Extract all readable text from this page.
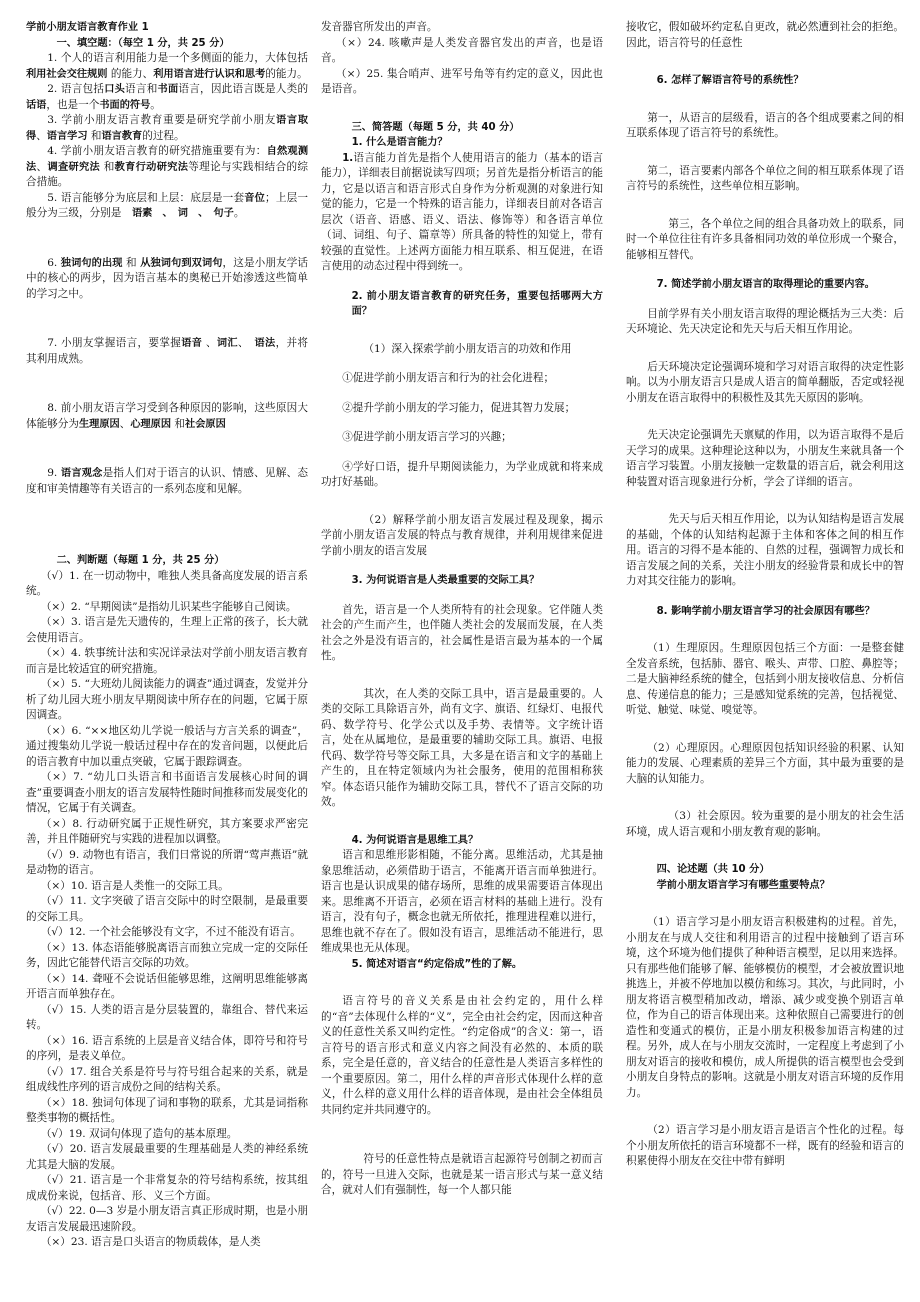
学前小朋友语言教育作业 1

一、填空题：（每空 1 分，共 25 分）

1. 个人的语言利用能力是一个多侧面的能力，大体包括利用社会交往规则 的能力、利用语言进行认识和思考的能力。

2. 语言包括口头语言和书面语言，因此语言既是人类的话语，也是一个书面的符号。

3. 学前小朋友语言教育重要是研究学前小朋友语言取得、语言学习 和语言教育的过程。

4. 学前小朋友语言教育的研究措施重要有为：自然观测法、调查研究法 和教育行动研究法等理论与实践相结合的综合措施。

5. 语言能够分为底层和上层：底层是一套音位；上层一般分为三级，分别是　语素　、　词　、　句子。

6. 独词句的出现 和 从独词句到双词句，这是小朋友学话中的核心的两步，因为语言基本的奥秘已开始渗透这些简单的学习之中。

7. 小朋友掌握语言，要掌握语音 、词汇、　语法，并将其利用成熟。

8. 前小朋友语言学习受到各种原因的影响，这些原因大体能够分为生理原因、心理原因 和社会原因

9. 语言观念是指人们对于语言的认识、情感、见解、态度和审美情趣等有关语言的一系列态度和见解。

二、判断题（每题 1 分，共 25 分）

（√）1. 在一切动物中，唯独人类具备高度发展的语言系统。

（×）2. “早期阅读”是指幼儿识某些字能够自己阅读。

（×）3. 语言是先天遗传的，生理上正常的孩子，长大就会使用语言。

（×）4. 轶事统计法和实况详录法对学前小朋友语言教育而言是比较适宜的研究措施。

（×）5. “大班幼儿阅读能力的调查”通过调查，发觉并分析了幼儿园大班小朋友早期阅读中所存在的问题，它属于原因调查。

（×）6. “××地区幼儿学说一般话与方言关系的调查”，通过搜集幼儿学说一般话过程中存在的发音问题，以便此后的语言教育中加以重点突破，它属于跟踪调查。

（×）7. “幼儿口头语言和书面语言发展核心时间的调查”重要调查小朋友的语言发展特性随时间推移而发展变化的情况，它属于有关调查。

（×）8. 行动研究属于正规性研究，其方案要求严密完善，并且伴随研究与实践的进程加以调整。

（√）9. 动物也有语言，我们日常说的所谓“莺声燕语”就是动物的语言。

（×）10. 语言是人类惟一的交际工具。

（√）11. 文字突破了语言交际中的时空限制，是最重要的交际工具。

（√）12. 一个社会能够没有文字，不过不能没有语言。

（×）13. 体态语能够脱离语言而独立完成一定的交际任务，因此它能替代语言交际的功效。

（×）14. 聋哑不会说话但能够思维，这阐明思维能够离开语言而单独存在。

（√）15. 人类的语言是分层装置的，靠组合、替代来运转。

（×）16. 语言系统的上层是音义结合体，即符号和符号的序列，是表义单位。

（√）17. 组合关系是符号与符号组合起来的关系，就是组成线性序列的语言成份之间的结构关系。

（×）18. 独词句体现了词和事物的联系，尤其是词指称整类事物的概括性。

（√）19. 双词句体现了造句的基本原理。

（√）20. 语言发展最重要的生理基础是人类的神经系统尤其是大脑的发展。

（√）21. 语言是一个非常复杂的符号结构系统，按其组成成份来说，包括音、形、义三个方面。

（√）22. 0—3 岁是小朋友语言真正形成时期，也是小朋友语言发展最迅速阶段。

（×）23. 语言是口头语言的物质载体，是人类

发音器官所发出的声音。

（×）24. 咳嗽声是人类发音器官发出的声音，也是语音。

（×）25. 集合哨声、进军号角等有约定的意义，因此也是语音。

三、简答题（每题 5 分，共 40 分）

1. 什么是语言能力？

1.语言能力首先是指个人使用语言的能力（基本的语言能力），详细表目前据说读写四项；另首先是指分析语言的能力，它是以语言和语言形式自身作为分析观测的对象进行知觉的能力，它是一个特殊的语言能力，详细表目前对各语言层次（语音、语感、语义、语法、修饰等）和各语言单位（词、词组、句子、篇章等）所具备的特性的知觉上，带有较强的直觉性。上述两方面能力相互联系、相互促进，在语言使用的动态过程中得到统一。

2. 前小朋友语言教育的研究任务，重要包括哪两大方面？

（1）深入探索学前小朋友语言的功效和作用

①促进学前小朋友语言和行为的社会化进程；

②提升学前小朋友的学习能力，促进其智力发展；

③促进学前小朋友语言学习的兴趣；

④学好口语，提升早期阅读能力，为学业成就和将来成功打好基础。

（2）解释学前小朋友语言发展过程及现象，揭示学前小朋友语言发展的特点与教育规律，并利用规律来促进学前小朋友的语言发展

3. 为何说语言是人类最重要的交际工具？

首先，语言是一个人类所特有的社会现象。它伴随人类社会的产生而产生，也伴随人类社会的发展而发展，在人类社会之外是没有语言的，社会属性是语言最为基本的一个属性。

其次，在人类的交际工具中，语言是最重要的。人类的交际工具除语言外，尚有文字、旗语、红绿灯、电报代码、数学符号、化学公式以及手势、表情等。文字统计语言，处在从属地位，是最重要的辅助交际工具。旗语、电报代码、数学符号等交际工具，大多是在语言和文字的基础上产生的，且在特定领域内为社会服务，使用的范围相称狭窄。体态语只能作为辅助交际工具，替代不了语言交际的功效。

4. 为何说语言是思维工具？

语言和思维形影相随，不能分离。思维活动，尤其是抽象思维活动，必须借助于语言，不能离开语言而单独进行。语言也是认识成果的储存场所，思维的成果需要语言体现出来。思维离不开语言，必须在语言材料的基础上进行。没有语言，没有句子，概念也就无所依托，推理进程难以进行，思维也就不存在了。假如没有语言，思维活动不能进行，思维成果也无从体现。

5. 简述对语言“约定俗成”性的了解。

语言符号的音义关系是由社会约定的，用什么样的“音”去体现什么样的“义”，完全由社会约定，因而这种音义的任意性关系又叫约定性。“约定俗成”的含义：第一，语言符号的语言形式和意义内容之间没有必然的、本质的联系，完全是任意的，音义结合的任意性是人类语言多样性的一个重要原因。第二，用什么样的声音形式体现什么样的意义，什么样的意义用什么样的语音体现，是由社会全体组员共同约定并共同遵守的。

符号的任意性特点是就语言起源符号创制之初而言的，符号一旦进入交际，也就是某一语言形式与某一意义结合，就对人们有强制性，每一个人都只能

接收它，假如破坏约定私自更改，就必然遭到社会的拒绝。因此，语言符号的任意性

6. 怎样了解语言符号的系统性？

第一，从语言的层级看，语言的各个组成要素之间的相互联系体现了语言符号的系统性。

第二，语言要素内部各个单位之间的相互联系体现了语言符号的系统性，这些单位相互影响。

第三，各个单位之间的组合具备功效上的联系，同时一个单位往往有许多具备相同功效的单位形成一个聚合，能够相互替代。

7. 简述学前小朋友语言的取得理论的重要内容。

目前学界有关小朋友语言取得的理论概括为三大类：后天环境论、先天决定论和先天与后天相互作用论。

后天环境决定论强调环境和学习对语言取得的决定性影响。以为小朋友语言只是成人语言的简单翻版，否定或轻视小朋友在语言取得中的积极性及其先天原因的影响。

先天决定论强调先天禀赋的作用，以为语言取得不是后天学习的成果。这种理论这种以为，小朋友生来就具备一个语言学习装置。小朋友接触一定数量的语言后，就会利用这种装置对语言现象进行分析，学会了详细的语言。

先天与后天相互作用论，以为认知结构是语言发展的基础，个体的认知结构起源于主体和客体之间的相互作用。语言的习得不是本能的、自然的过程，强调智力成长和语言发展之间的关系，关注小朋友的经验背景和成长中的智力对其交往能力的影响。

8. 影响学前小朋友语言学习的社会原因有哪些？

（1）生理原因。生理原因包括三个方面：一是整套健全发音系统，包括肺、器官、喉头、声带、口腔、鼻腔等；二是大脑神经系统的健全，包括到小朋友接收信息、分析信息、传递信息的能力；三是感知觉系统的完善，包括视觉、听觉、触觉、味觉、嗅觉等。

（2）心理原因。心理原因包括知识经验的积累、认知能力的发展、心理素质的差异三个方面，其中最为重要的是大脑的认知能力。

（3）社会原因。较为重要的是小朋友的社会生活环境，成人语言观和小朋友教育观的影响。

四、论述题（共 10 分）

学前小朋友语言学习有哪些重要特点？

（1）语言学习是小朋友语言积极建构的过程。首先，小朋友在与成人交往和利用语言的过程中接触到了语言环境，这个环境为他们提供了种种语言模型，足以用来选择。只有那些他们能够了解、能够模仿的模型，才会被放置识地挑选上，并被不停地加以模仿和练习。其次，与此同时，小朋友将语言模型稍加改动，增添、减少或变换个别语言单位，作为自己的语言体现出来。这种依照自己需要进行的创造性和变通式的模仿，正是小朋友积极参加语言构建的过程。另外，成人在与小朋友交流时，一定程度上考虑到了小朋友对语言的接收和模仿，成人所提供的语言模型也会受到小朋友自身特点的影响。这就是小朋友对语言环境的反作用力。

（2）语言学习是小朋友语言是语言个性化的过程。每个小朋友所依托的语言环境都不一样，既有的经验和语言的积累使得小朋友在交往中带有鲜明
